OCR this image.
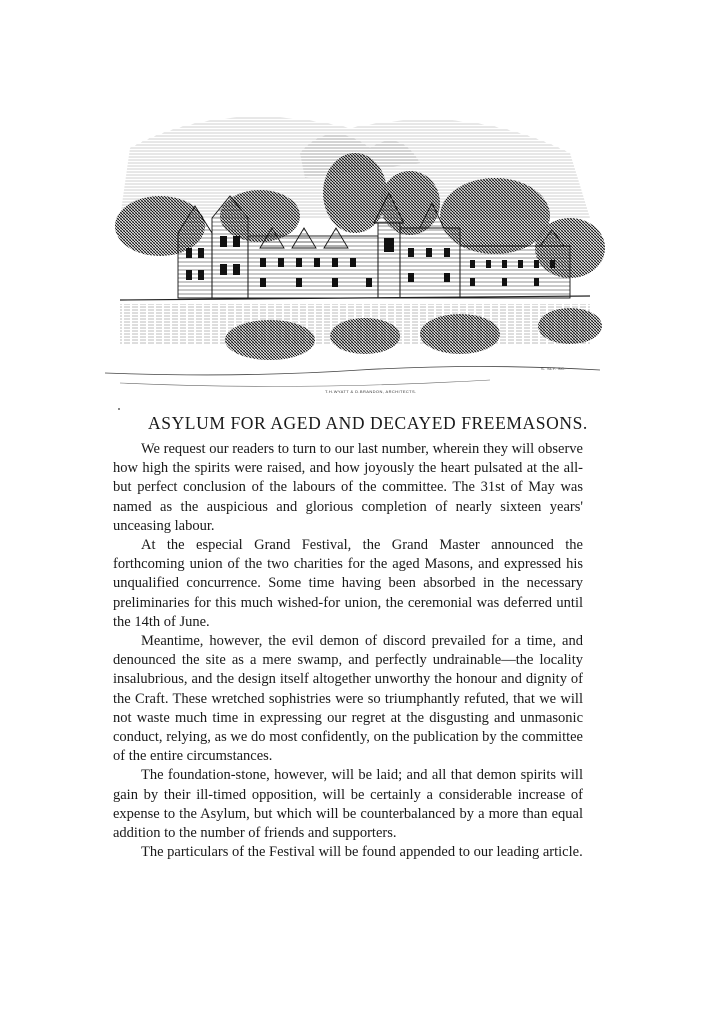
T.H.WYATT & D.BRANDON, ARCHITECTS.
S. SLY. SC.
ASYLUM FOR AGED AND DECAYED FREEMASONS.

We request our readers to turn to our last number, wherein they will observe how high the spirits were raised, and how joyously the heart pulsated at the all-but perfect conclusion of the labours of the committee. The 31st of May was named as the auspicious and glorious completion of nearly sixteen years' unceasing labour.

At the especial Grand Festival, the Grand Master announced the forthcoming union of the two charities for the aged Masons, and expressed his unqualified concurrence. Some time having been absorbed in the necessary preliminaries for this much wished-for union, the ceremonial was deferred until the 14th of June.

Meantime, however, the evil demon of discord prevailed for a time, and denounced the site as a mere swamp, and perfectly undrainable—the locality insalubrious, and the design itself altogether unworthy the honour and dignity of the Craft. These wretched sophistries were so triumphantly refuted, that we will not waste much time in expressing our regret at the disgusting and unmasonic conduct, relying, as we do most confidently, on the publication by the committee of the entire circumstances.

The foundation-stone, however, will be laid; and all that demon spirits will gain by their ill-timed opposition, will be certainly a considerable increase of expense to the Asylum, but which will be counterbalanced by a more than equal addition to the number of friends and supporters.

The particulars of the Festival will be found appended to our leading article.
